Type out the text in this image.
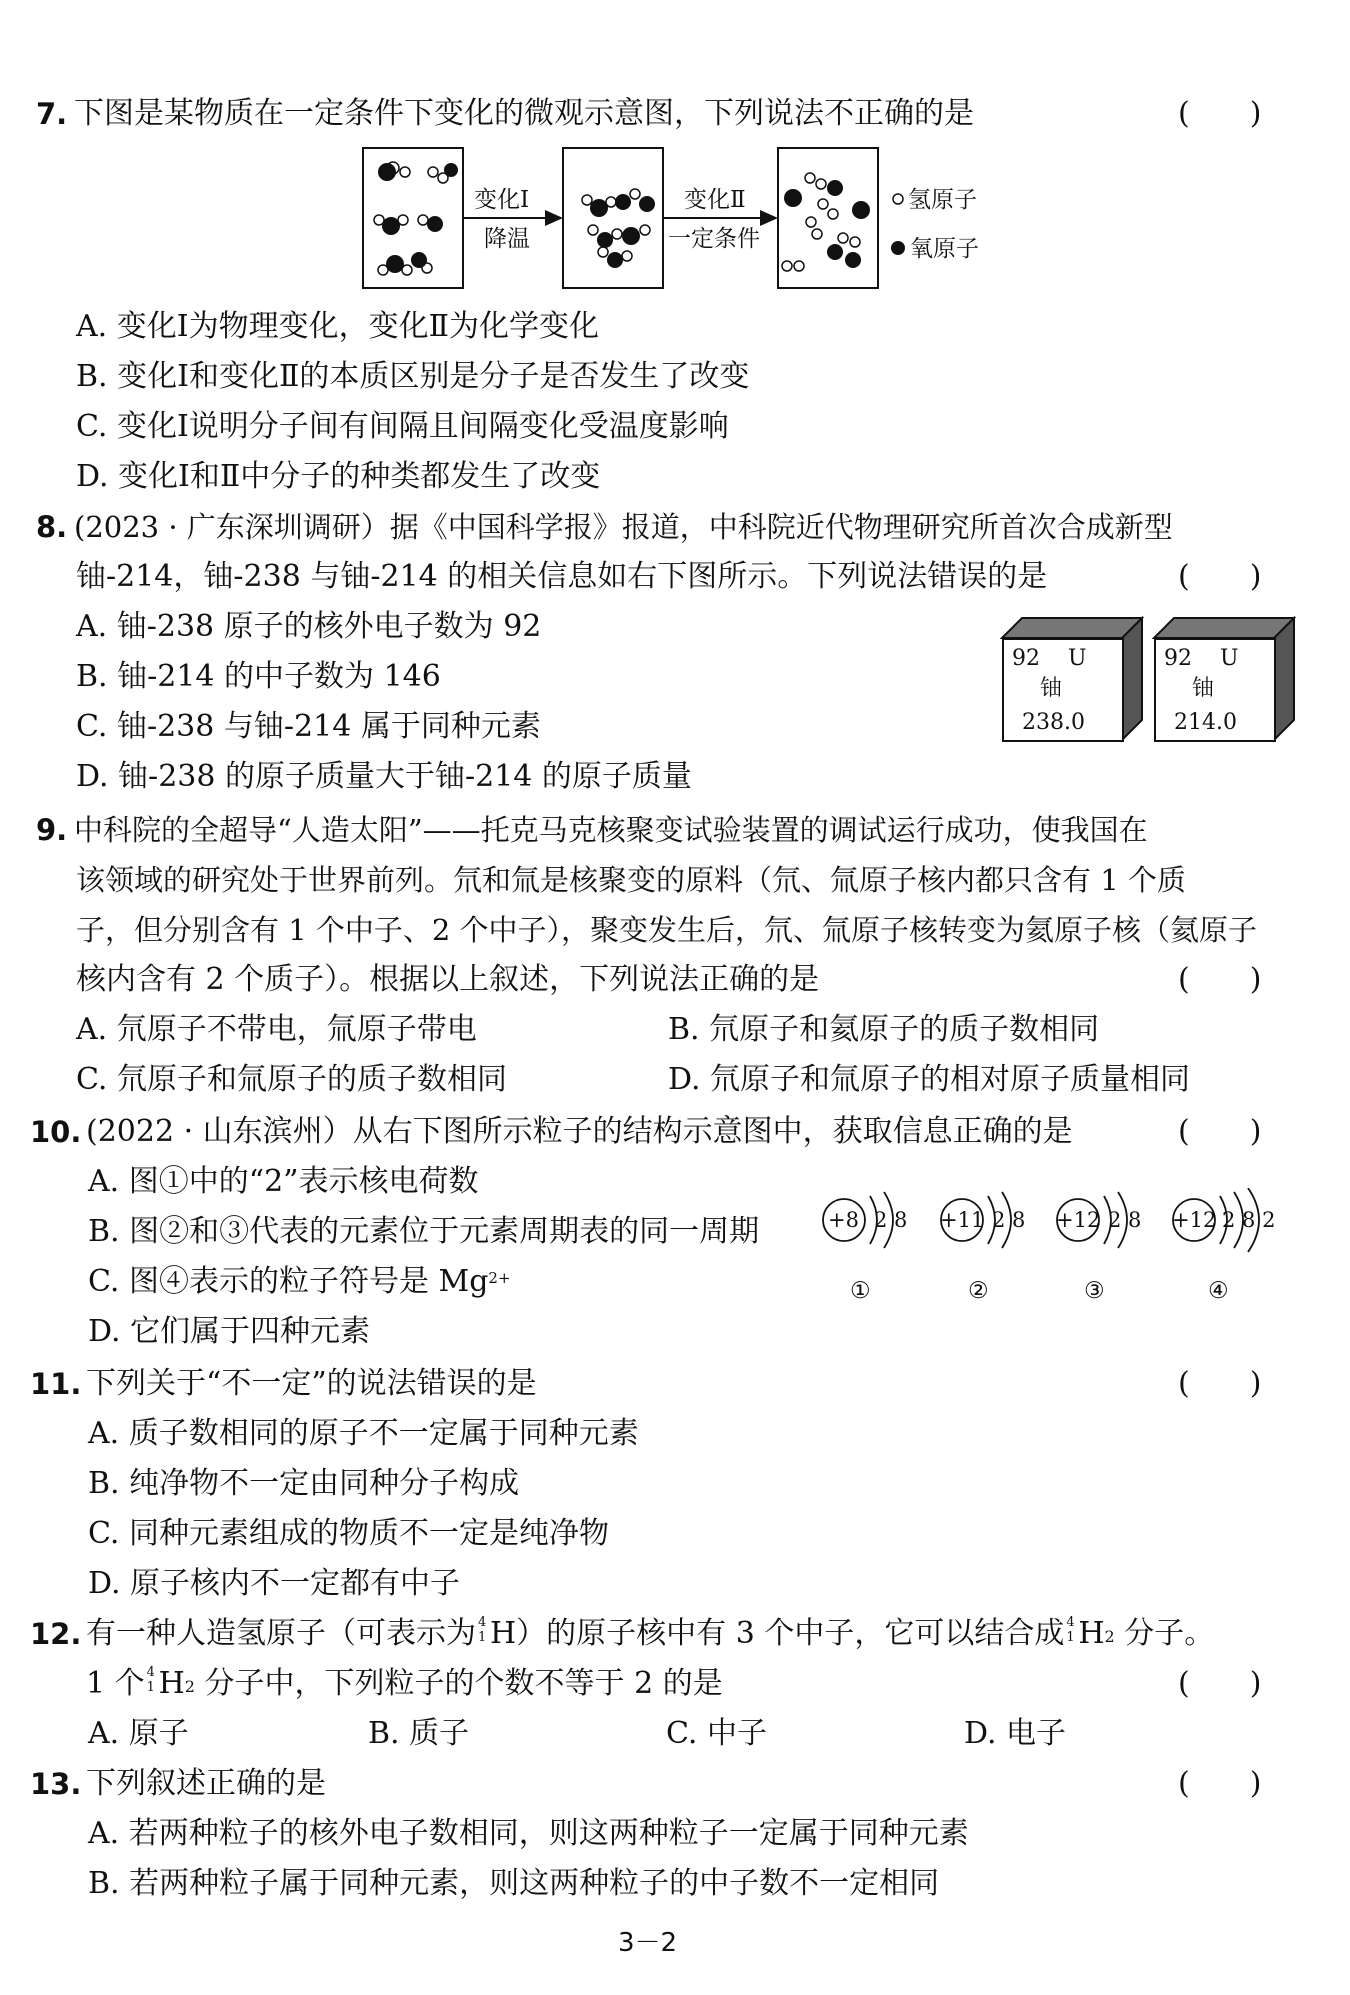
7. 下图是某物质在一定条件下变化的微观示意图，下列说法不正确的是	(　　)
变化Ⅰ
降温
变化Ⅱ
一定条件
氢原子
氧原子
A. 变化Ⅰ为物理变化，变化Ⅱ为化学变化
B. 变化Ⅰ和变化Ⅱ的本质区别是分子是否发生了改变
C. 变化Ⅰ说明分子间有间隔且间隔变化受温度影响
D. 变化Ⅰ和Ⅱ中分子的种类都发生了改变
8. (2023 · 广东深圳调研）据《中国科学报》报道，中科院近代物理研究所首次合成新型
铀-214，铀-238 与铀-214 的相关信息如右下图所示。下列说法错误的是	(　　)
A. 铀-238 原子的核外电子数为 92
B. 铀-214 的中子数为 146
C. 铀-238 与铀-214 属于同种元素
D. 铀-238 的原子质量大于铀-214 的原子质量
92 U
铀
238.0
92 U
铀
214.0
9. 中科院的全超导“人造太阳”——托克马克核聚变试验装置的调试运行成功，使我国在
该领域的研究处于世界前列。氘和氚是核聚变的原料（氘、氚原子核内都只含有 1 个质
子，但分别含有 1 个中子、2 个中子），聚变发生后，氘、氚原子核转变为氦原子核（氦原子
核内含有 2 个质子）。根据以上叙述，下列说法正确的是	(　　)
A. 氘原子不带电，氚原子带电	B. 氘原子和氦原子的质子数相同
C. 氘原子和氚原子的质子数相同	D. 氘原子和氚原子的相对原子质量相同
10. (2022 · 山东滨州）从右下图所示粒子的结构示意图中，获取信息正确的是	(　　)
A. 图①中的“2”表示核电荷数
B. 图②和③代表的元素位于元素周期表的同一周期
C. 图④表示的粒子符号是 $Mg^{2+}$
D. 它们属于四种元素
+8 2 8
①
+11 2 8
②
+12 2 8
③
+12 2 8 2
④
11. 下列关于“不一定”的说法错误的是	(　　)
A. 质子数相同的原子不一定属于同种元素
B. 纯净物不一定由同种分子构成
C. 同种元素组成的物质不一定是纯净物
D. 原子核内不一定都有中子
12. 有一种人造氢原子（可表示为 4
1 H）的原子核中有 3 个中子，它可以结合成 4
1 H2 分子。
1 个 4
1 H2 分子中，下列粒子的个数不等于 2 的是	(　　)
A. 原子	B. 质子	C. 中子	D. 电子
13. 下列叙述正确的是	(　　)
A. 若两种粒子的核外电子数相同，则这两种粒子一定属于同种元素
B. 若两种粒子属于同种元素，则这两种粒子的中子数不一定相同
3－2
